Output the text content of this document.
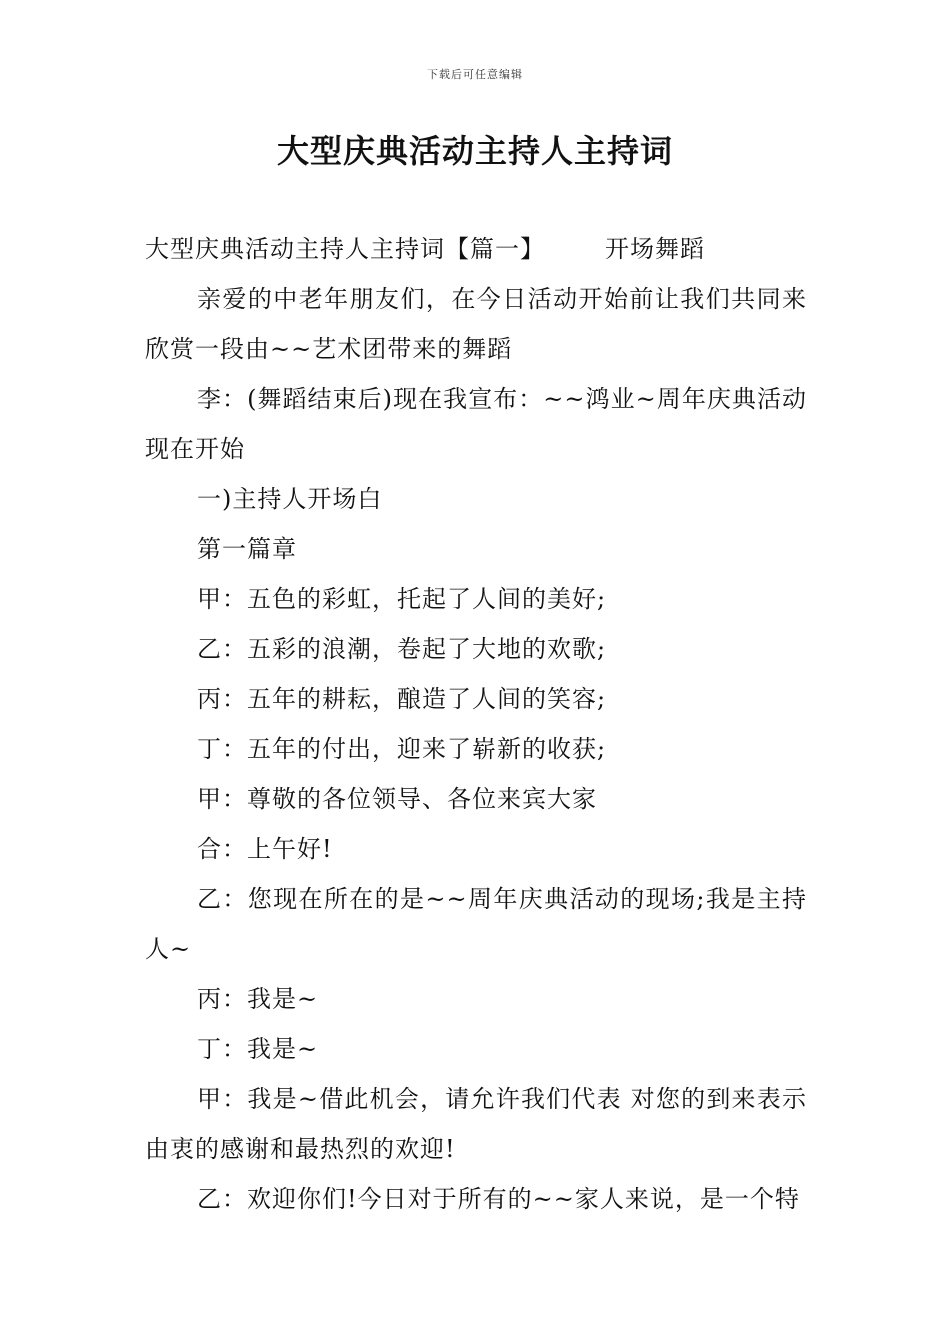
下载后可任意编辑
大型庆典活动主持人主持词

大型庆典活动主持人主持词【篇一】	开场舞蹈

亲爱的中老年朋友们，在今日活动开始前让我们共同来欣赏一段由~~艺术团带来的舞蹈

李：(舞蹈结束后)现在我宣布：~~鸿业~周年庆典活动现在开始

一)主持人开场白

第一篇章

甲：五色的彩虹，托起了人间的美好;

乙：五彩的浪潮，卷起了大地的欢歌;

丙：五年的耕耘，酿造了人间的笑容;

丁：五年的付出，迎来了崭新的收获;

甲：尊敬的各位领导、各位来宾大家

合：上午好!

乙：您现在所在的是~~周年庆典活动的现场;我是主持人~

丙：我是~

丁：我是~

甲：我是~借此机会，请允许我们代表 对您的到来表示由衷的感谢和最热烈的欢迎!

乙：欢迎你们!今日对于所有的~~家人来说，是一个特
